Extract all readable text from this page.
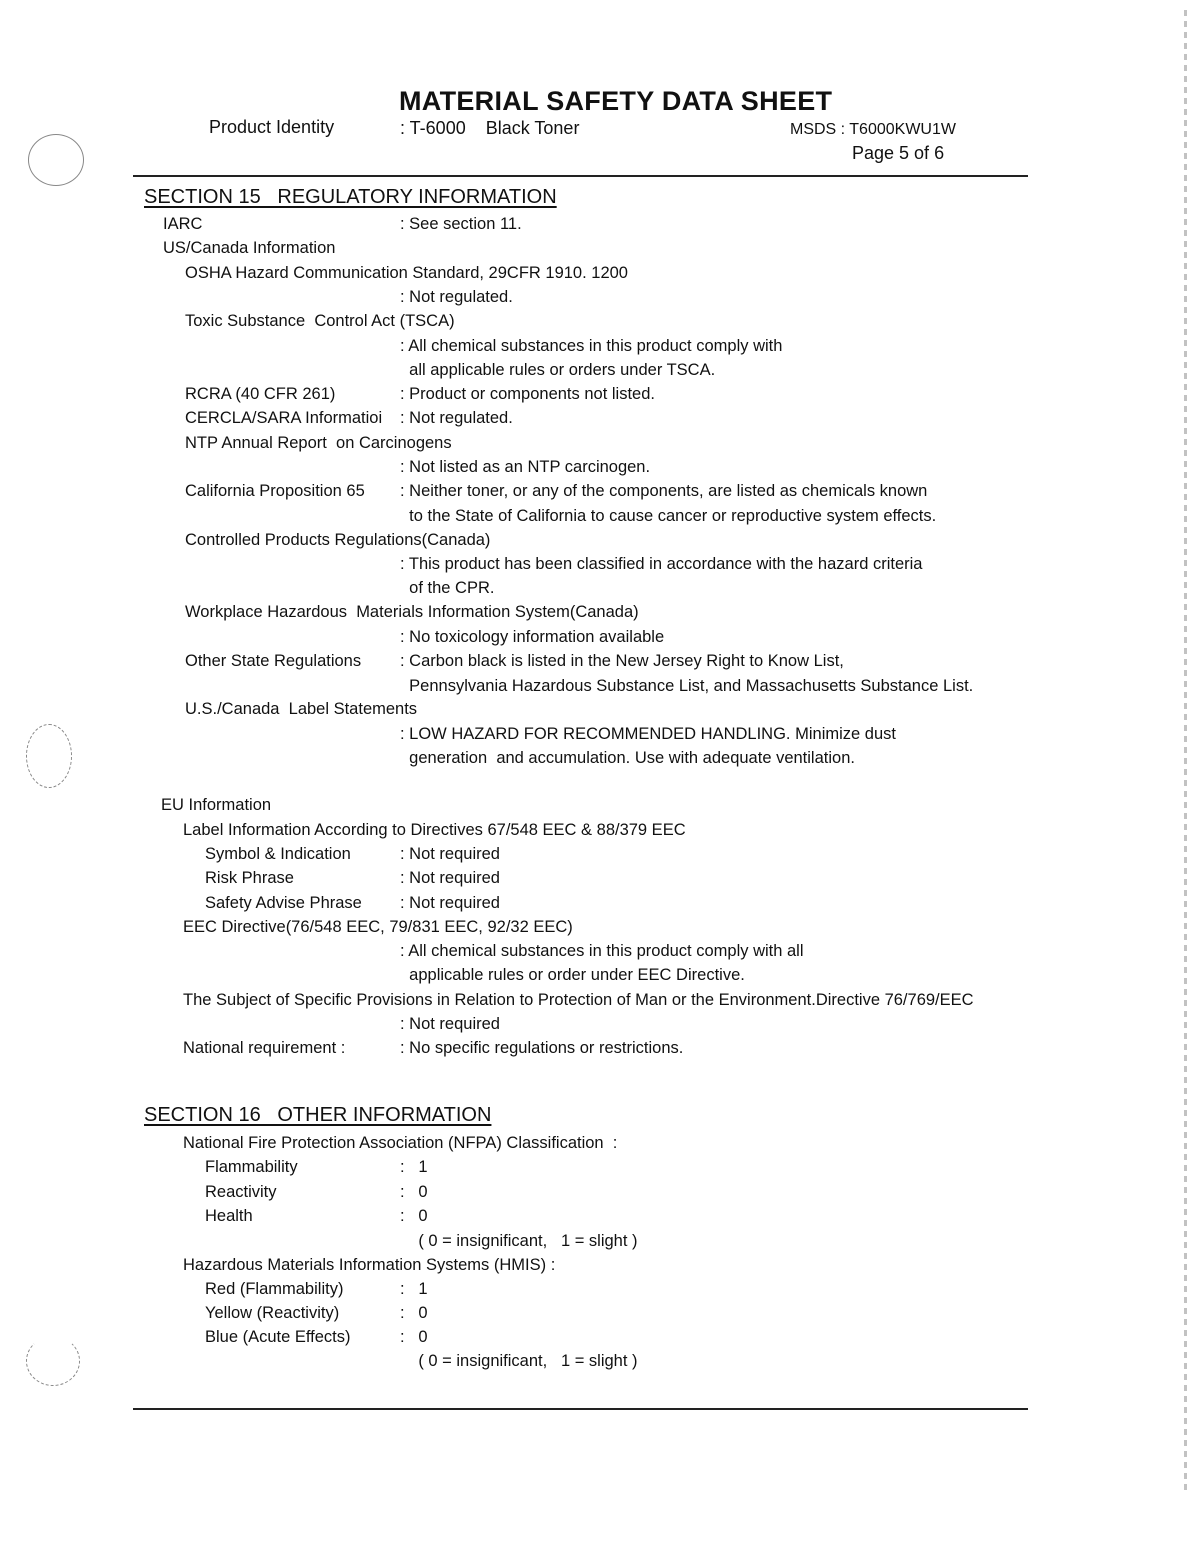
MATERIAL SAFETY DATA SHEET
Product Identity	: T-6000    Black Toner	MSDS : T6000KWU1W
Page 5 of 6
SECTION 15   REGULATORY INFORMATION
IARC	: See section 11.
US/Canada Information
OSHA Hazard Communication Standard, 29CFR 1910. 1200
: Not regulated.
Toxic Substance  Control Act (TSCA)
: All chemical substances in this product comply with
all applicable rules or orders under TSCA.
RCRA (40 CFR 261)	: Product or components not listed.
CERCLA/SARA Informatioi : Not regulated.
NTP Annual Report  on Carcinogens
: Not listed as an NTP carcinogen.
California Proposition 65 : Neither toner, or any of the components, are listed as chemicals known
to the State of California to cause cancer or reproductive system effects.
Controlled Products Regulations(Canada)
: This product has been classified in accordance with the hazard criteria
of the CPR.
Workplace Hazardous  Materials Information System(Canada)
: No toxicology information available
Other State Regulations : Carbon black is listed in the New Jersey Right to Know List,
Pennsylvania Hazardous Substance List, and Massachusetts Substance List.
U.S./Canada  Label Statements
: LOW HAZARD FOR RECOMMENDED HANDLING. Minimize dust
generation  and accumulation. Use with adequate ventilation.
EU Information
Label Information According to Directives 67/548 EEC & 88/379 EEC
Symbol & Indication	: Not required
Risk Phrase	: Not required
Safety Advise Phrase : Not required
EEC Directive(76/548 EEC, 79/831 EEC, 92/32 EEC)
: All chemical substances in this product comply with all
applicable rules or order under EEC Directive.
The Subject of Specific Provisions in Relation to Protection of Man or the Environment.Directive 76/769/EEC
: Not required
National requirement :	: No specific regulations or restrictions.
SECTION 16   OTHER INFORMATION
National Fire Protection Association (NFPA) Classification  :
Flammability	:   1
Reactivity	:   0
Health	:   0
( 0 = insignificant,   1 = slight )
Hazardous Materials Information Systems (HMIS) :
Red (Flammability)	:   1
Yellow (Reactivity)	:   0
Blue (Acute Effects)	:   0
( 0 = insignificant,   1 = slight )
